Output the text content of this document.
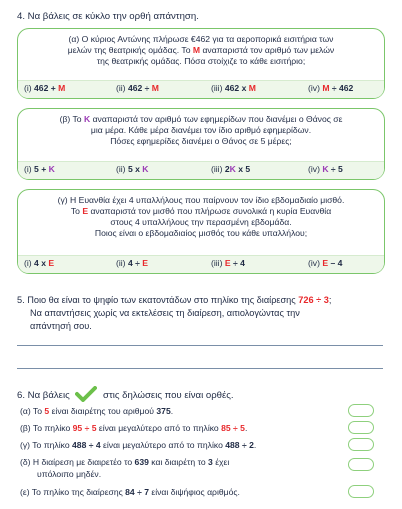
4. Να βάλεις σε κύκλο την ορθή απάντηση.
(α) Ο κύριος Αντώνης πλήρωσε €462 για τα αεροπορικά εισιτήρια των
μελών της θεατρικής ομάδας. Το M αναπαριστά τον αριθμό των μελών
της θεατρικής ομάδας. Πόσα στοίχιζε το κάθε εισιτήριο;
(i) 462 + M	(ii) 462 ÷ M	(iii) 462 x M	(iv) M ÷ 462
(β) Το K αναπαριστά τον αριθμό των εφημερίδων που διανέμει ο Θάνος σε
μια μέρα. Κάθε μέρα διανέμει τον ίδιο αριθμό εφημερίδων.
Πόσες εφημερίδες διανέμει ο Θάνος σε 5 μέρες;
(i) 5 + K	(ii) 5 x K	(iii) 2K x 5	(iv) K ÷ 5
(γ) Η Ευανθία έχει 4 υπαλλήλους που παίρνουν τον ίδιο εβδομαδιαίο μισθό.
Το E αναπαριστά τον μισθό που πλήρωσε συνολικά η κυρία Ευανθία
στους 4 υπαλλήλους την περασμένη εβδομάδα.
Ποιος είναι ο εβδομαδιαίος μισθός του κάθε υπαλλήλου;
(i) 4 x E	(ii) 4 ÷ E	(iii) E ÷ 4	(iv) E – 4
5. Ποιο θα είναι το ψηφίο των εκατοντάδων στο πηλίκο της διαίρεσης 726 ÷ 3;
Να απαντήσεις χωρίς να εκτελέσεις τη διαίρεση, αιτιολογώντας την
απάντησή σου.
6. Να βάλεις	στις δηλώσεις που είναι ορθές.
(α) Το 5 είναι διαιρέτης του αριθμού 375.
(β) Το πηλίκο 95 ÷ 5 είναι μεγαλύτερο από το πηλίκο 85 ÷ 5.
(γ) Το πηλίκο 488 ÷ 4 είναι μεγαλύτερο από το πηλίκο 488 ÷ 2.
(δ) Η διαίρεση με διαιρετέο το 639 και διαιρέτη το 3 έχει
υπόλοιπο μηδέν.
(ε) Το πηλίκο της διαίρεσης 84 ÷ 7 είναι διψήφιος αριθμός.
